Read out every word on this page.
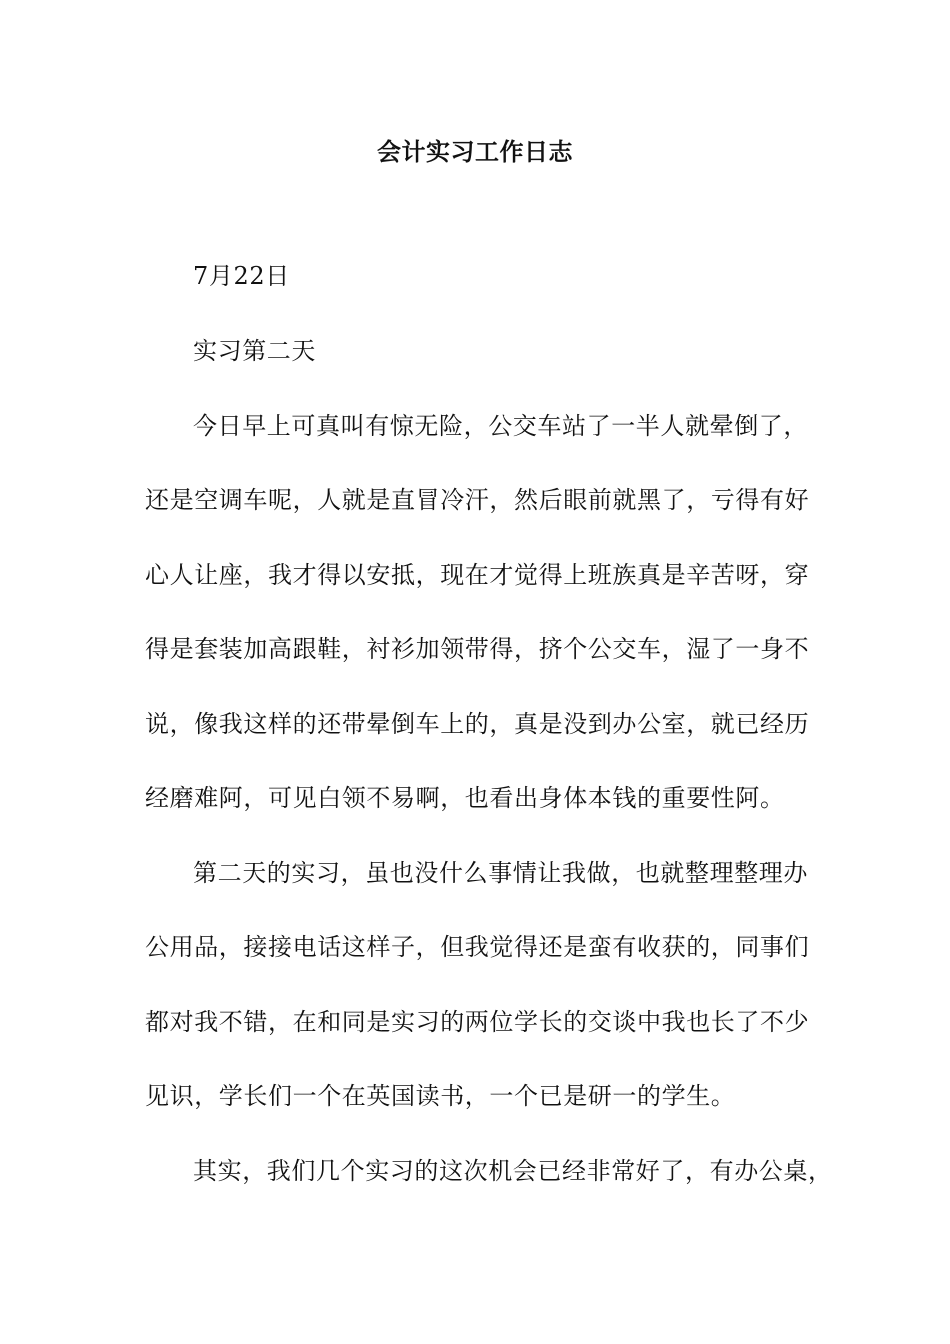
会计实习工作日志
7月22日
实习第二天
今日早上可真叫有惊无险，公交车站了一半人就晕倒了，
还是空调车呢，人就是直冒冷汗，然后眼前就黑了，亏得有好
心人让座，我才得以安抵，现在才觉得上班族真是辛苦呀，穿
得是套装加高跟鞋，衬衫加领带得，挤个公交车，湿了一身不
说，像我这样的还带晕倒车上的，真是没到办公室，就已经历
经磨难阿，可见白领不易啊，也看出身体本钱的重要性阿。
第二天的实习，虽也没什么事情让我做，也就整理整理办
公用品，接接电话这样子，但我觉得还是蛮有收获的，同事们
都对我不错，在和同是实习的两位学长的交谈中我也长了不少
见识，学长们一个在英国读书，一个已是研一的学生。
其实，我们几个实习的这次机会已经非常好了，有办公桌，
